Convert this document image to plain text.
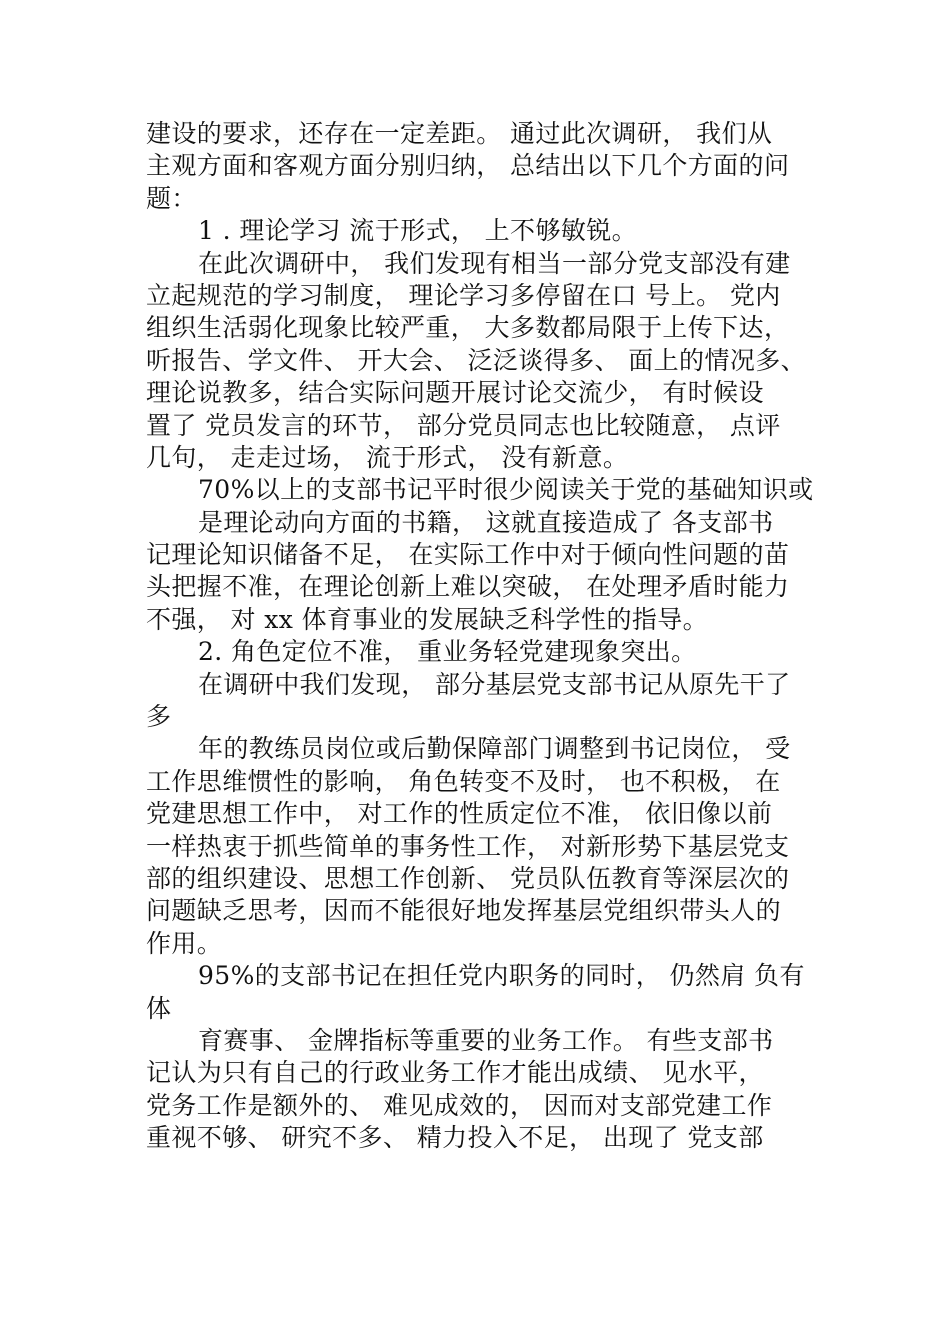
建设的要求，还存在一定差距。 通过此次调研， 我们从
主观方面和客观方面分别归纳， 总结出以下几个方面的问
题：
1 . 理论学习 流于形式， 上不够敏锐。
在此次调研中， 我们发现有相当一部分党支部没有建
立起规范的学习制度， 理论学习多停留在口 号上。 党内
组织生活弱化现象比较严重， 大多数都局限于上传下达，
听报告、学文件、 开大会、 泛泛谈得多、 面上的情况多、
理论说教多，结合实际问题开展讨论交流少， 有时候设
置了 党员发言的环节， 部分党员同志也比较随意， 点评
几句， 走走过场， 流于形式， 没有新意。
70%以上的支部书记平时很少阅读关于党的基础知识或
是理论动向方面的书籍， 这就直接造成了 各支部书
记理论知识储备不足， 在实际工作中对于倾向性问题的苗
头把握不准，在理论创新上难以突破， 在处理矛盾时能力
不强， 对 xx 体育事业的发展缺乏科学性的指导。
2. 角色定位不准， 重业务轻党建现象突出。
在调研中我们发现， 部分基层党支部书记从原先干了
多
年的教练员岗位或后勤保障部门调整到书记岗位， 受
工作思维惯性的影响， 角色转变不及时， 也不积极， 在
党建思想工作中， 对工作的性质定位不准， 依旧像以前
一样热衷于抓些简单的事务性工作， 对新形势下基层党支
部的组织建设、思想工作创新、 党员队伍教育等深层次的
问题缺乏思考，因而不能很好地发挥基层党组织带头人的
作用。
95%的支部书记在担任党内职务的同时， 仍然肩 负有
体
育赛事、 金牌指标等重要的业务工作。 有些支部书
记认为只有自己的行政业务工作才能出成绩、 见水平，
党务工作是额外的、 难见成效的， 因而对支部党建工作
重视不够、 研究不多、 精力投入不足， 出现了 党支部
